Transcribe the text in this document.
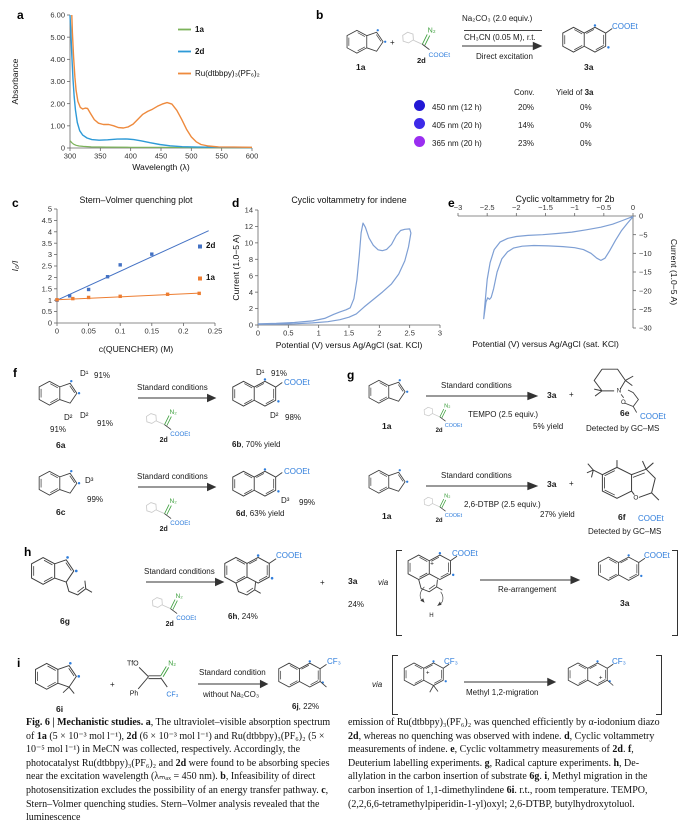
a	b
c	d	e
f	g
h
i
300 350 400 450 500 550 600
0
1.00
2.00
3.00
4.00
5.00
6.00
Wavelength (λ)
Absorbance
1a
2d
Ru(dtbbpy)₃(PF₆)₂
0	0.05	0.1	0.15	0.2	0.25
0
0.5
1
1.5
2
2.5
3
3.5
4
4.5
5
Stern–Volmer quenching plot
c(QUENCHER) (M)
I₀/I
2d
1a
0	0.5	1	1.5	2	2.5	3
0
2
4
6
8
10
12
14
Cyclic voltammetry for indene
Potential (V) versus Ag/AgCl (sat. KCl)
Current (1.0−5 A)
−3 −2.5 −2 −1.5 −1 −0.5	0
0
−5
−10
−15
−20
−25
−30
Cyclic voltammetry for 2b
Potential (V) versus Ag/AgCl (sat. KCl)
Current (1.0−5 A)
1a
+
Na₂CO₃ (2.0 equiv.)
CH₃CN (0.05 M), r.t.
Direct excitation
COOEt
3a
Conv.	Yield of 3a
450 nm (12 h)	20%	0%
405 nm (20 h)	14%	0%
365 nm (20 h)	23%	0%
D¹ 91%
D² D²
91%
91%
6a
Standard conditions
D¹ 91%
COOEt
D² 98%
6b, 70% yield
D³
99%
6c
Standard conditions
COOEt
D³ 99%
6d, 63% yield
1a
Standard conditions
TEMPO (2.5 equiv.)
5% yield
3a +	N
O
6e COOEt
Detected by GC–MS
1a
Standard conditions
2,6-DTBP (2.5 equiv.)
27% yield
3a +
O
6f COOEt
Detected by GC–MS
6g
Standard conditions
COOEt
6h, 24%
+	3a
24%
via
+
H
COOEt
Re-arrangement
COOEt
3a
6i
+
TfO
Ph
N₂
CF₃
Standard condition
without Na₂CO₃
CF₃
6j, 22%
via
+
CF₃
Methyl 1,2-migration
+
CF₃
Fig. 6 | Mechanistic studies. a, The ultraviolet–visible absorption spectrum of 1a (5 × 10⁻³ mol l⁻¹), 2d (6 × 10⁻³ mol l⁻¹) and Ru(dtbbpy)₃(PF₆)₂ (5 × 10⁻⁵ mol l⁻¹) in MeCN was collected, respectively. Accordingly, the photocatalyst Ru(dtbbpy)₃(PF₆)₂ and 2d were found to be absorbing species near the excitation wavelength (λₘₐₓ = 450 nm). b, Infeasibility of direct photosensitization excludes the possibility of an energy transfer pathway. c, Stern–Volmer quenching studies. Stern–Volmer analysis revealed that the luminescence
emission of Ru(dtbbpy)₃(PF₆)₂ was quenched efficiently by α-iodonium diazo 2d, whereas no quenching was observed with indene. d, Cyclic voltammetry measurements of indene. e, Cyclic voltammetry measurements of 2d. f, Deuterium labelling experiments. g, Radical capture experiments. h, De-allylation in the carbon insertion of substrate 6g. i, Methyl migration in the carbon insertion of 1,1-dimethylindene 6i. r.t., room temperature. TEMPO, (2,2,6,6-tetramethylpiperidin-1-yl)oxyl; 2,6-DTBP, butylhydroxytoluol.
